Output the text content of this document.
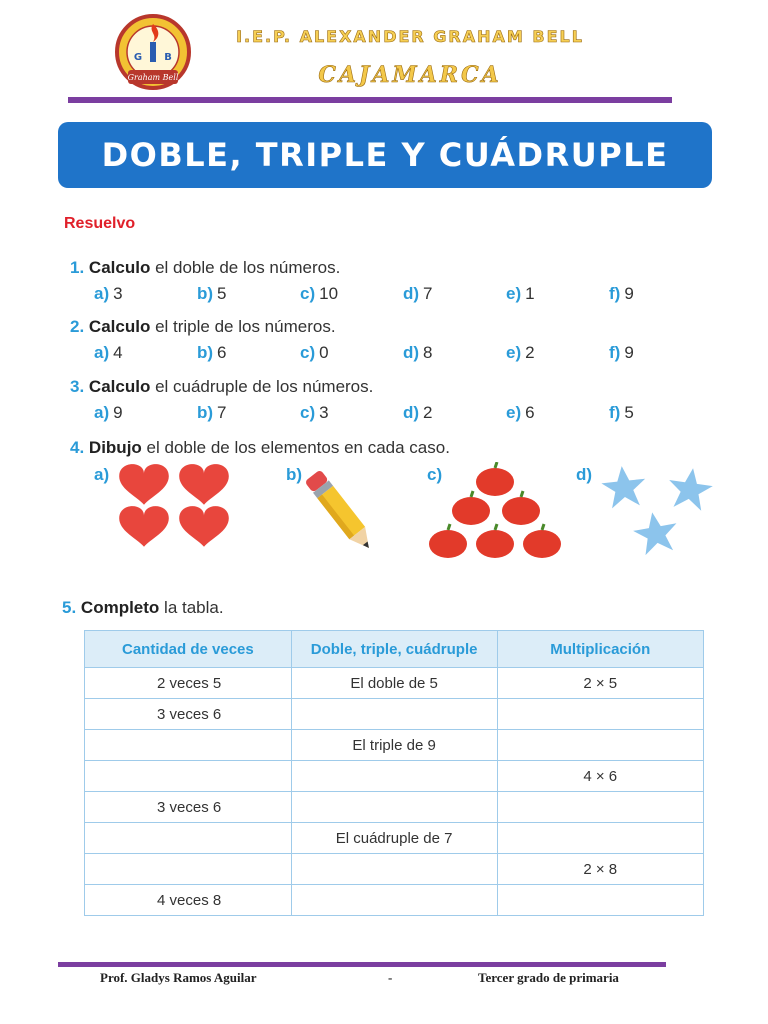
Graham Bell
G B
I.E.P. ALEXANDER GRAHAM BELL
CAJAMARCA
DOBLE, TRIPLE Y CUÁDRUPLE
Resuelvo
1. Calculo el doble de los números.
a) 3	b) 5	c) 10	d) 7	e) 1	f) 9
2. Calculo el triple de los números.
a) 4	b) 6	c) 0	d) 8	e) 2	f) 9
3. Calculo el cuádruple de los números.
a) 9	b) 7	c) 3	d) 2	e) 6	f) 5
4. Dibujo el doble de los elementos en cada caso.
a)	b)	c)	d)
5. Completo la tabla.
Cantidad de veces	Doble, triple, cuádruple	Multiplicación
2 veces 5	El doble de 5	2 × 5
3 veces 6		
	El triple de 9	
		4 × 6
3 veces 6		
	El cuádruple de 7	
		2 × 8
4 veces 8		
Prof. Gladys Ramos Aguilar	-	Tercer grado de primaria
